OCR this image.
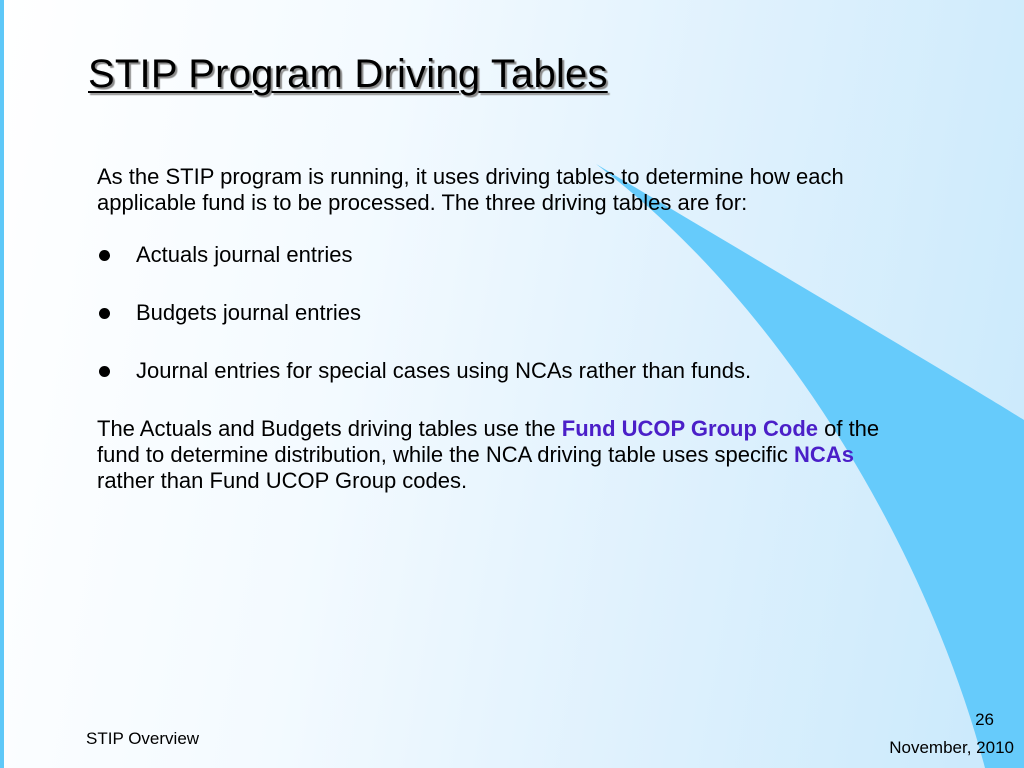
STIP Program Driving Tables

As the STIP program is running, it uses driving tables to determine how each applicable fund is to be processed. The three driving tables are for:

Actuals journal entries
Budgets journal entries
Journal entries for special cases using NCAs rather than funds.

The Actuals and Budgets driving tables use the Fund UCOP Group Code of the fund to determine distribution, while the NCA driving table uses specific NCAs rather than Fund UCOP Group codes.

STIP Overview
26
November, 2010
